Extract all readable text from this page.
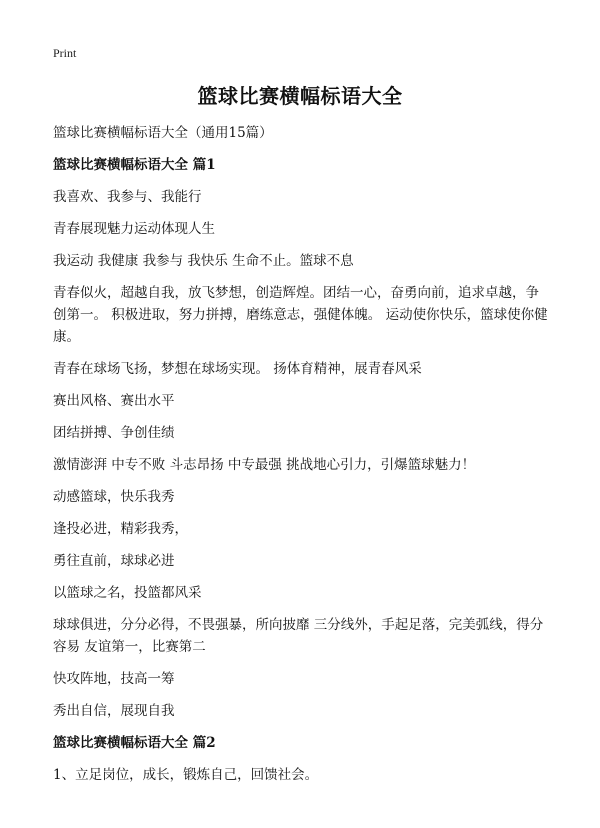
Print
篮球比赛横幅标语大全

篮球比赛横幅标语大全（通用15篇）

篮球比赛横幅标语大全 篇1

我喜欢、我参与、我能行

青春展现魅力运动体现人生

我运动 我健康 我参与 我快乐 生命不止。篮球不息

青春似火，超越自我，放飞梦想，创造辉煌。团结一心，奋勇向前，追求卓越，争创第一。 积极进取，努力拼搏，磨练意志，强健体魄。 运动使你快乐，篮球使你健康。

青春在球场飞扬，梦想在球场实现。 扬体育精神，展青春风采

赛出风格、赛出水平

团结拼搏、争创佳绩

激情澎湃 中专不败 斗志昂扬 中专最强 挑战地心引力，引爆篮球魅力！

动感篮球，快乐我秀

逢投必进，精彩我秀，

勇往直前，球球必进

以篮球之名，投篮都风采

球球俱进，分分必得，不畏强暴，所向披靡 三分线外，手起足落，完美弧线，得分容易 友谊第一，比赛第二

快攻阵地，技高一筹

秀出自信，展现自我

篮球比赛横幅标语大全 篇2

1、立足岗位，成长，锻炼自己，回馈社会。
